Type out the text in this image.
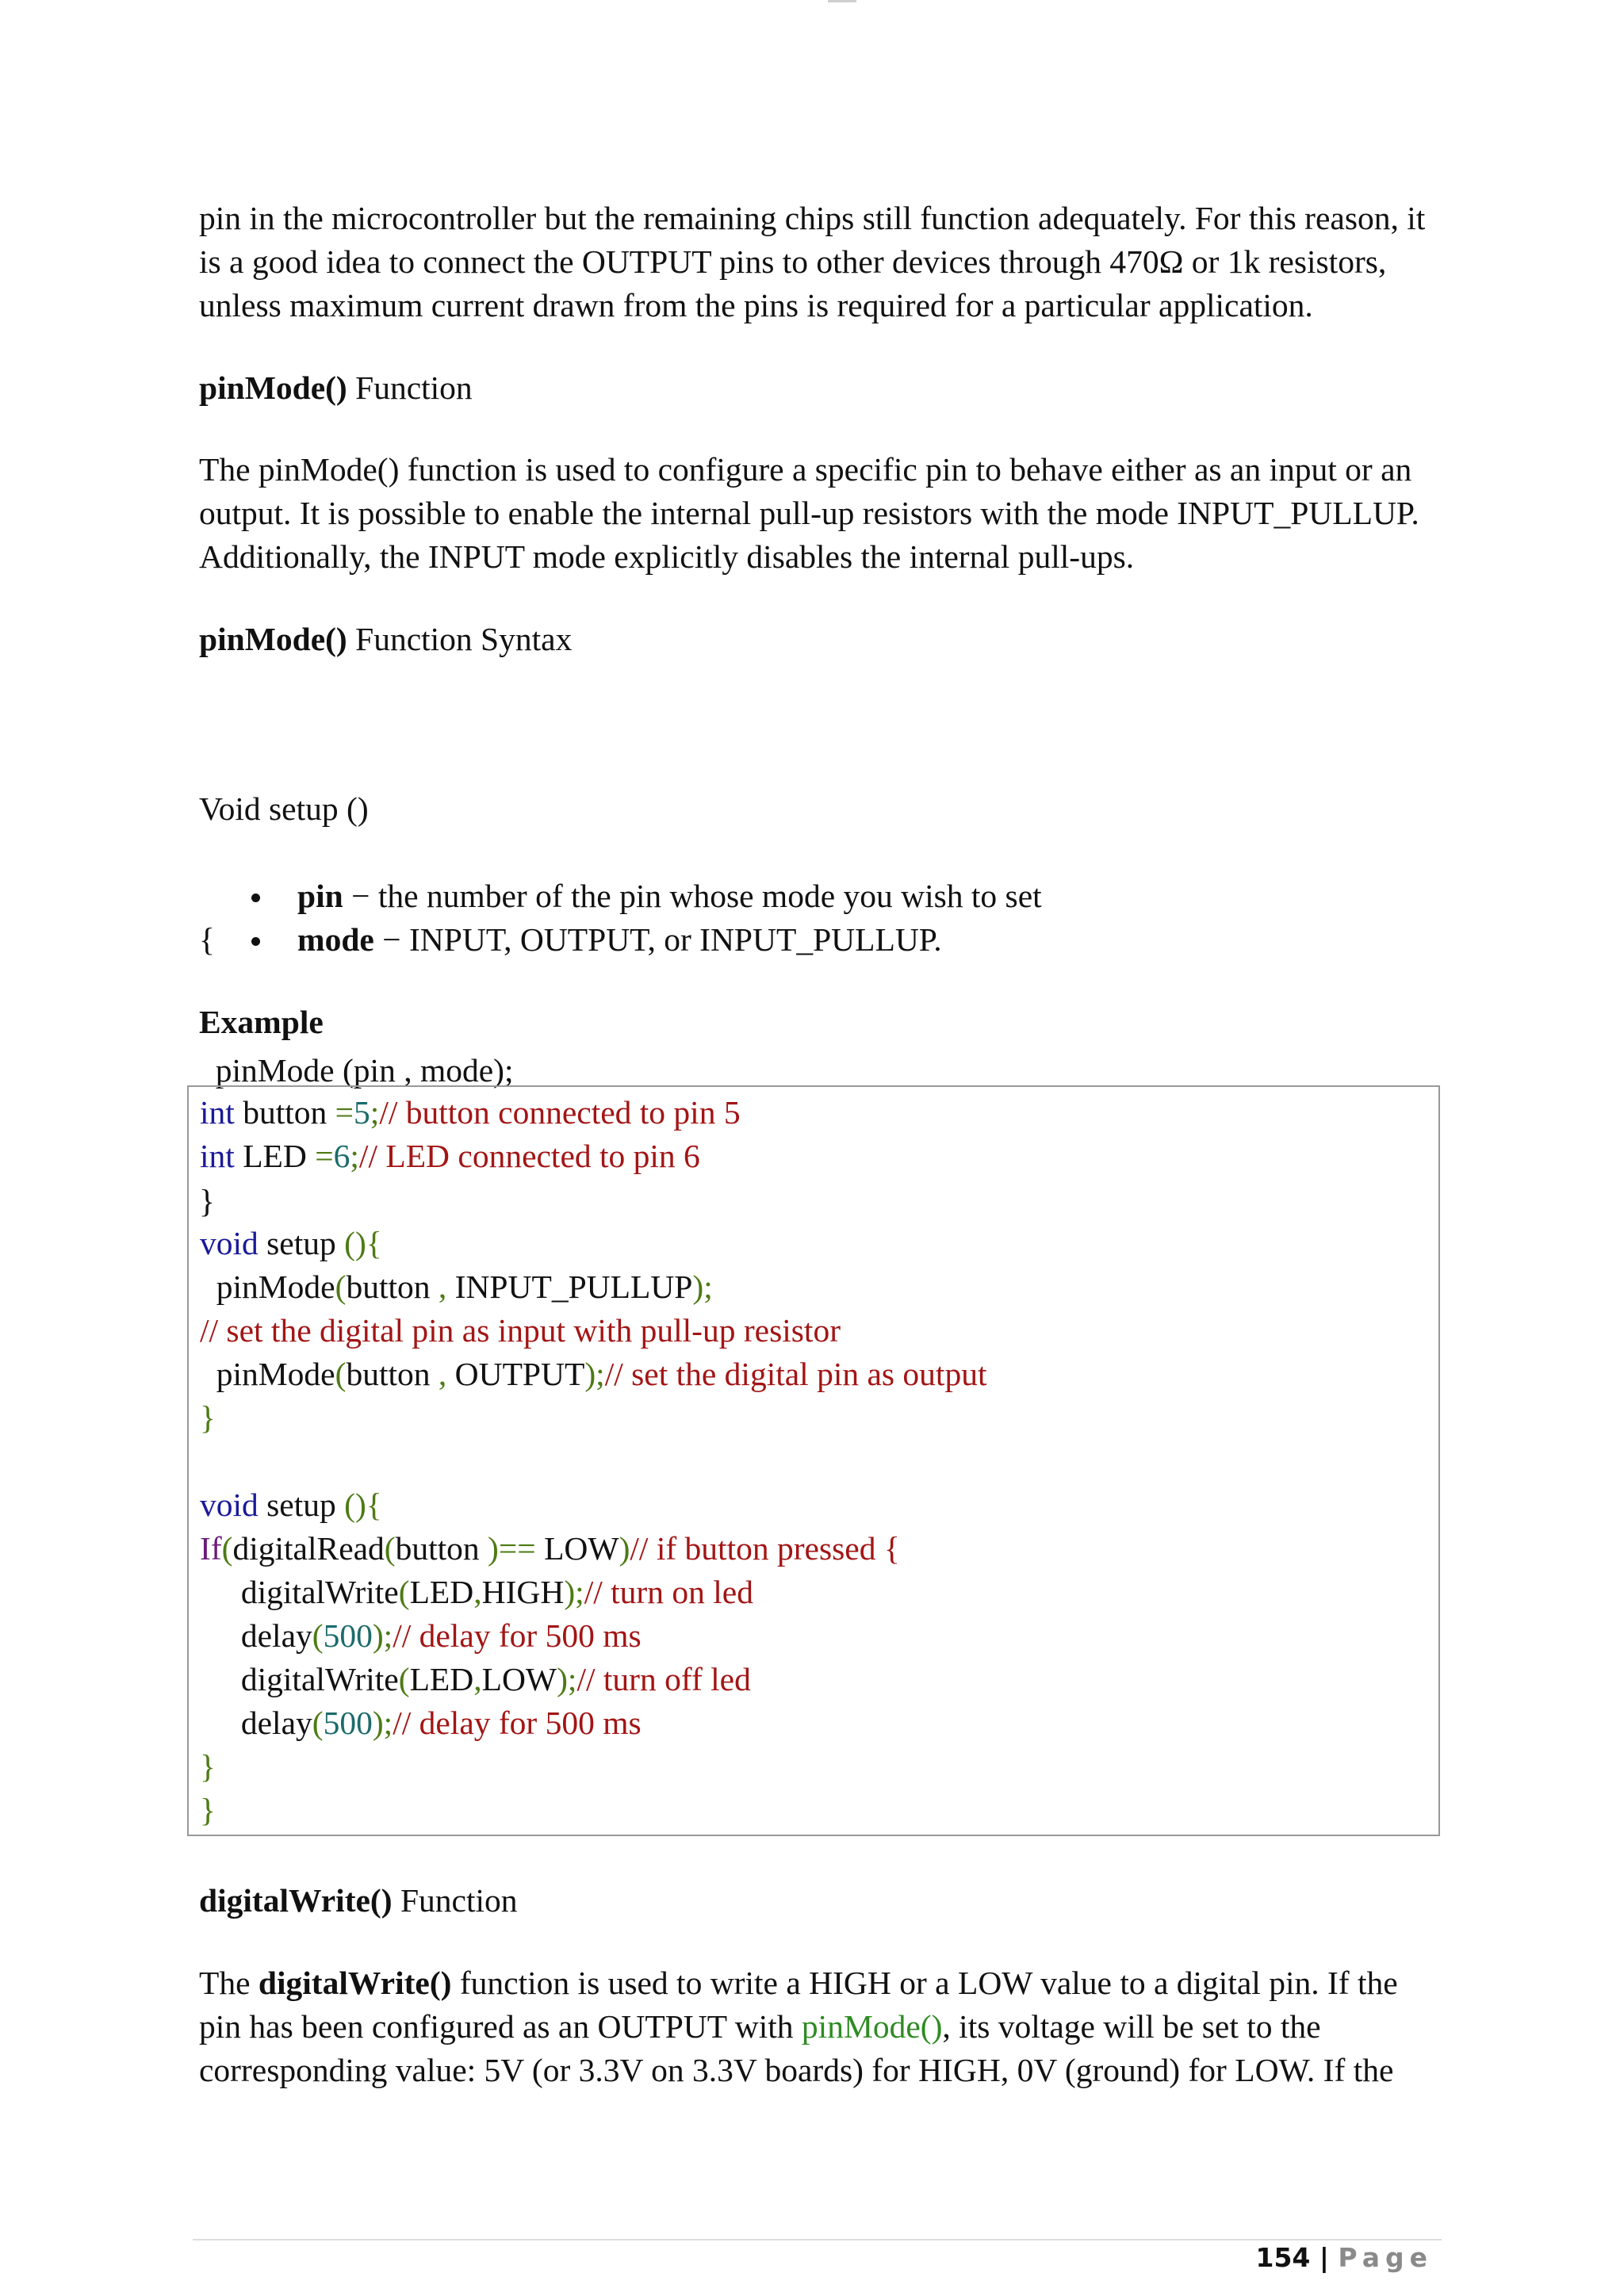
pin in the microcontroller but the remaining chips still function adequately. For this reason, it
is a good idea to connect the OUTPUT pins to other devices through 470Ω or 1k resistors,
unless maximum current drawn from the pins is required for a particular application.
pinMode() Function
The pinMode() function is used to configure a specific pin to behave either as an input or an
output. It is possible to enable the internal pull-up resistors with the mode INPUT_PULLUP.
Additionally, the INPUT mode explicitly disables the internal pull-ups.
pinMode() Function Syntax

Void setup ()

{

pinMode (pin , mode);

}

pin − the number of the pin whose mode you wish to set
mode − INPUT, OUTPUT, or INPUT_PULLUP.
Example
int button =5;// button connected to pin 5
int LED =6;// LED connected to pin 6

void setup (){
pinMode(button , INPUT_PULLUP);
// set the digital pin as input with pull-up resistor
pinMode(button , OUTPUT);// set the digital pin as output
}

void setup (){
If(digitalRead(button )== LOW)// if button pressed {
digitalWrite(LED,HIGH);// turn on led
delay(500);// delay for 500 ms
digitalWrite(LED,LOW);// turn off led
delay(500);// delay for 500 ms
}
}
digitalWrite() Function
The digitalWrite() function is used to write a HIGH or a LOW value to a digital pin. If the
pin has been configured as an OUTPUT with pinMode(), its voltage will be set to the
corresponding value: 5V (or 3.3V on 3.3V boards) for HIGH, 0V (ground) for LOW. If the
154 | Page
